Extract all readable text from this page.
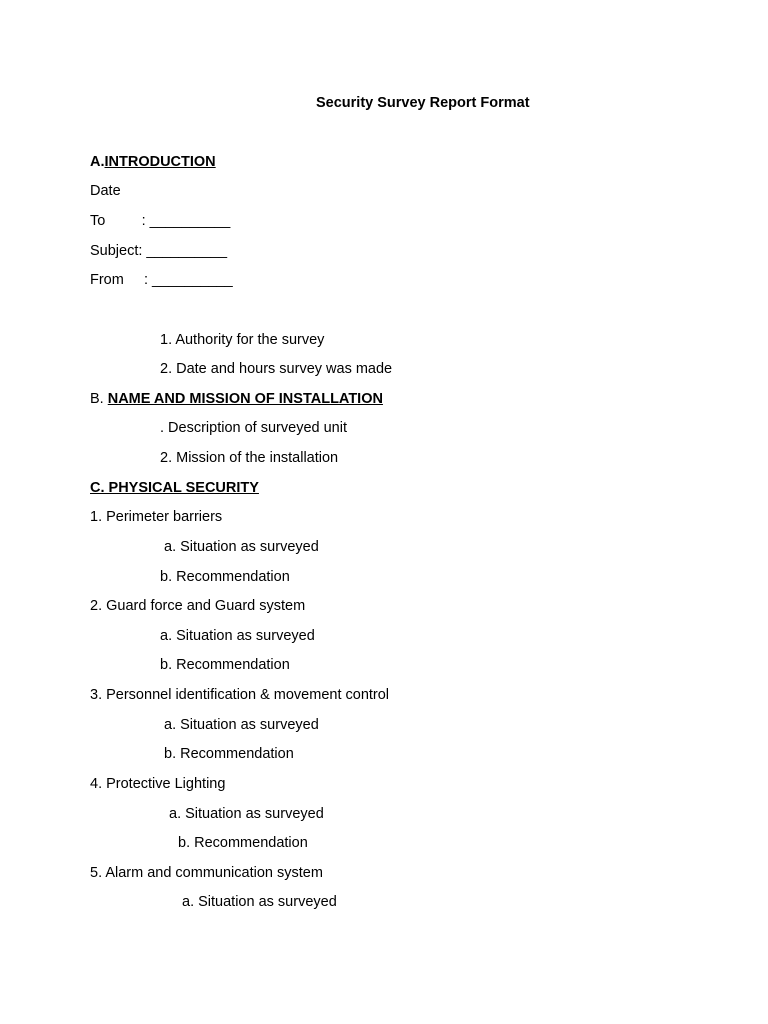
Security Survey Report Format
A.INTRODUCTION
Date
To         : __________
Subject: __________
From     : __________
1. Authority for the survey
2. Date and hours survey was made
B. NAME AND MISSION OF INSTALLATION
. Description of surveyed unit
2. Mission of the installation
C. PHYSICAL SECURITY
1. Perimeter barriers
a. Situation as surveyed
b. Recommendation
2. Guard force and Guard system
a. Situation as surveyed
b. Recommendation
3. Personnel identification & movement control
a. Situation as surveyed
b. Recommendation
4. Protective Lighting
a. Situation as surveyed
b. Recommendation
5. Alarm and communication system
a. Situation as surveyed
